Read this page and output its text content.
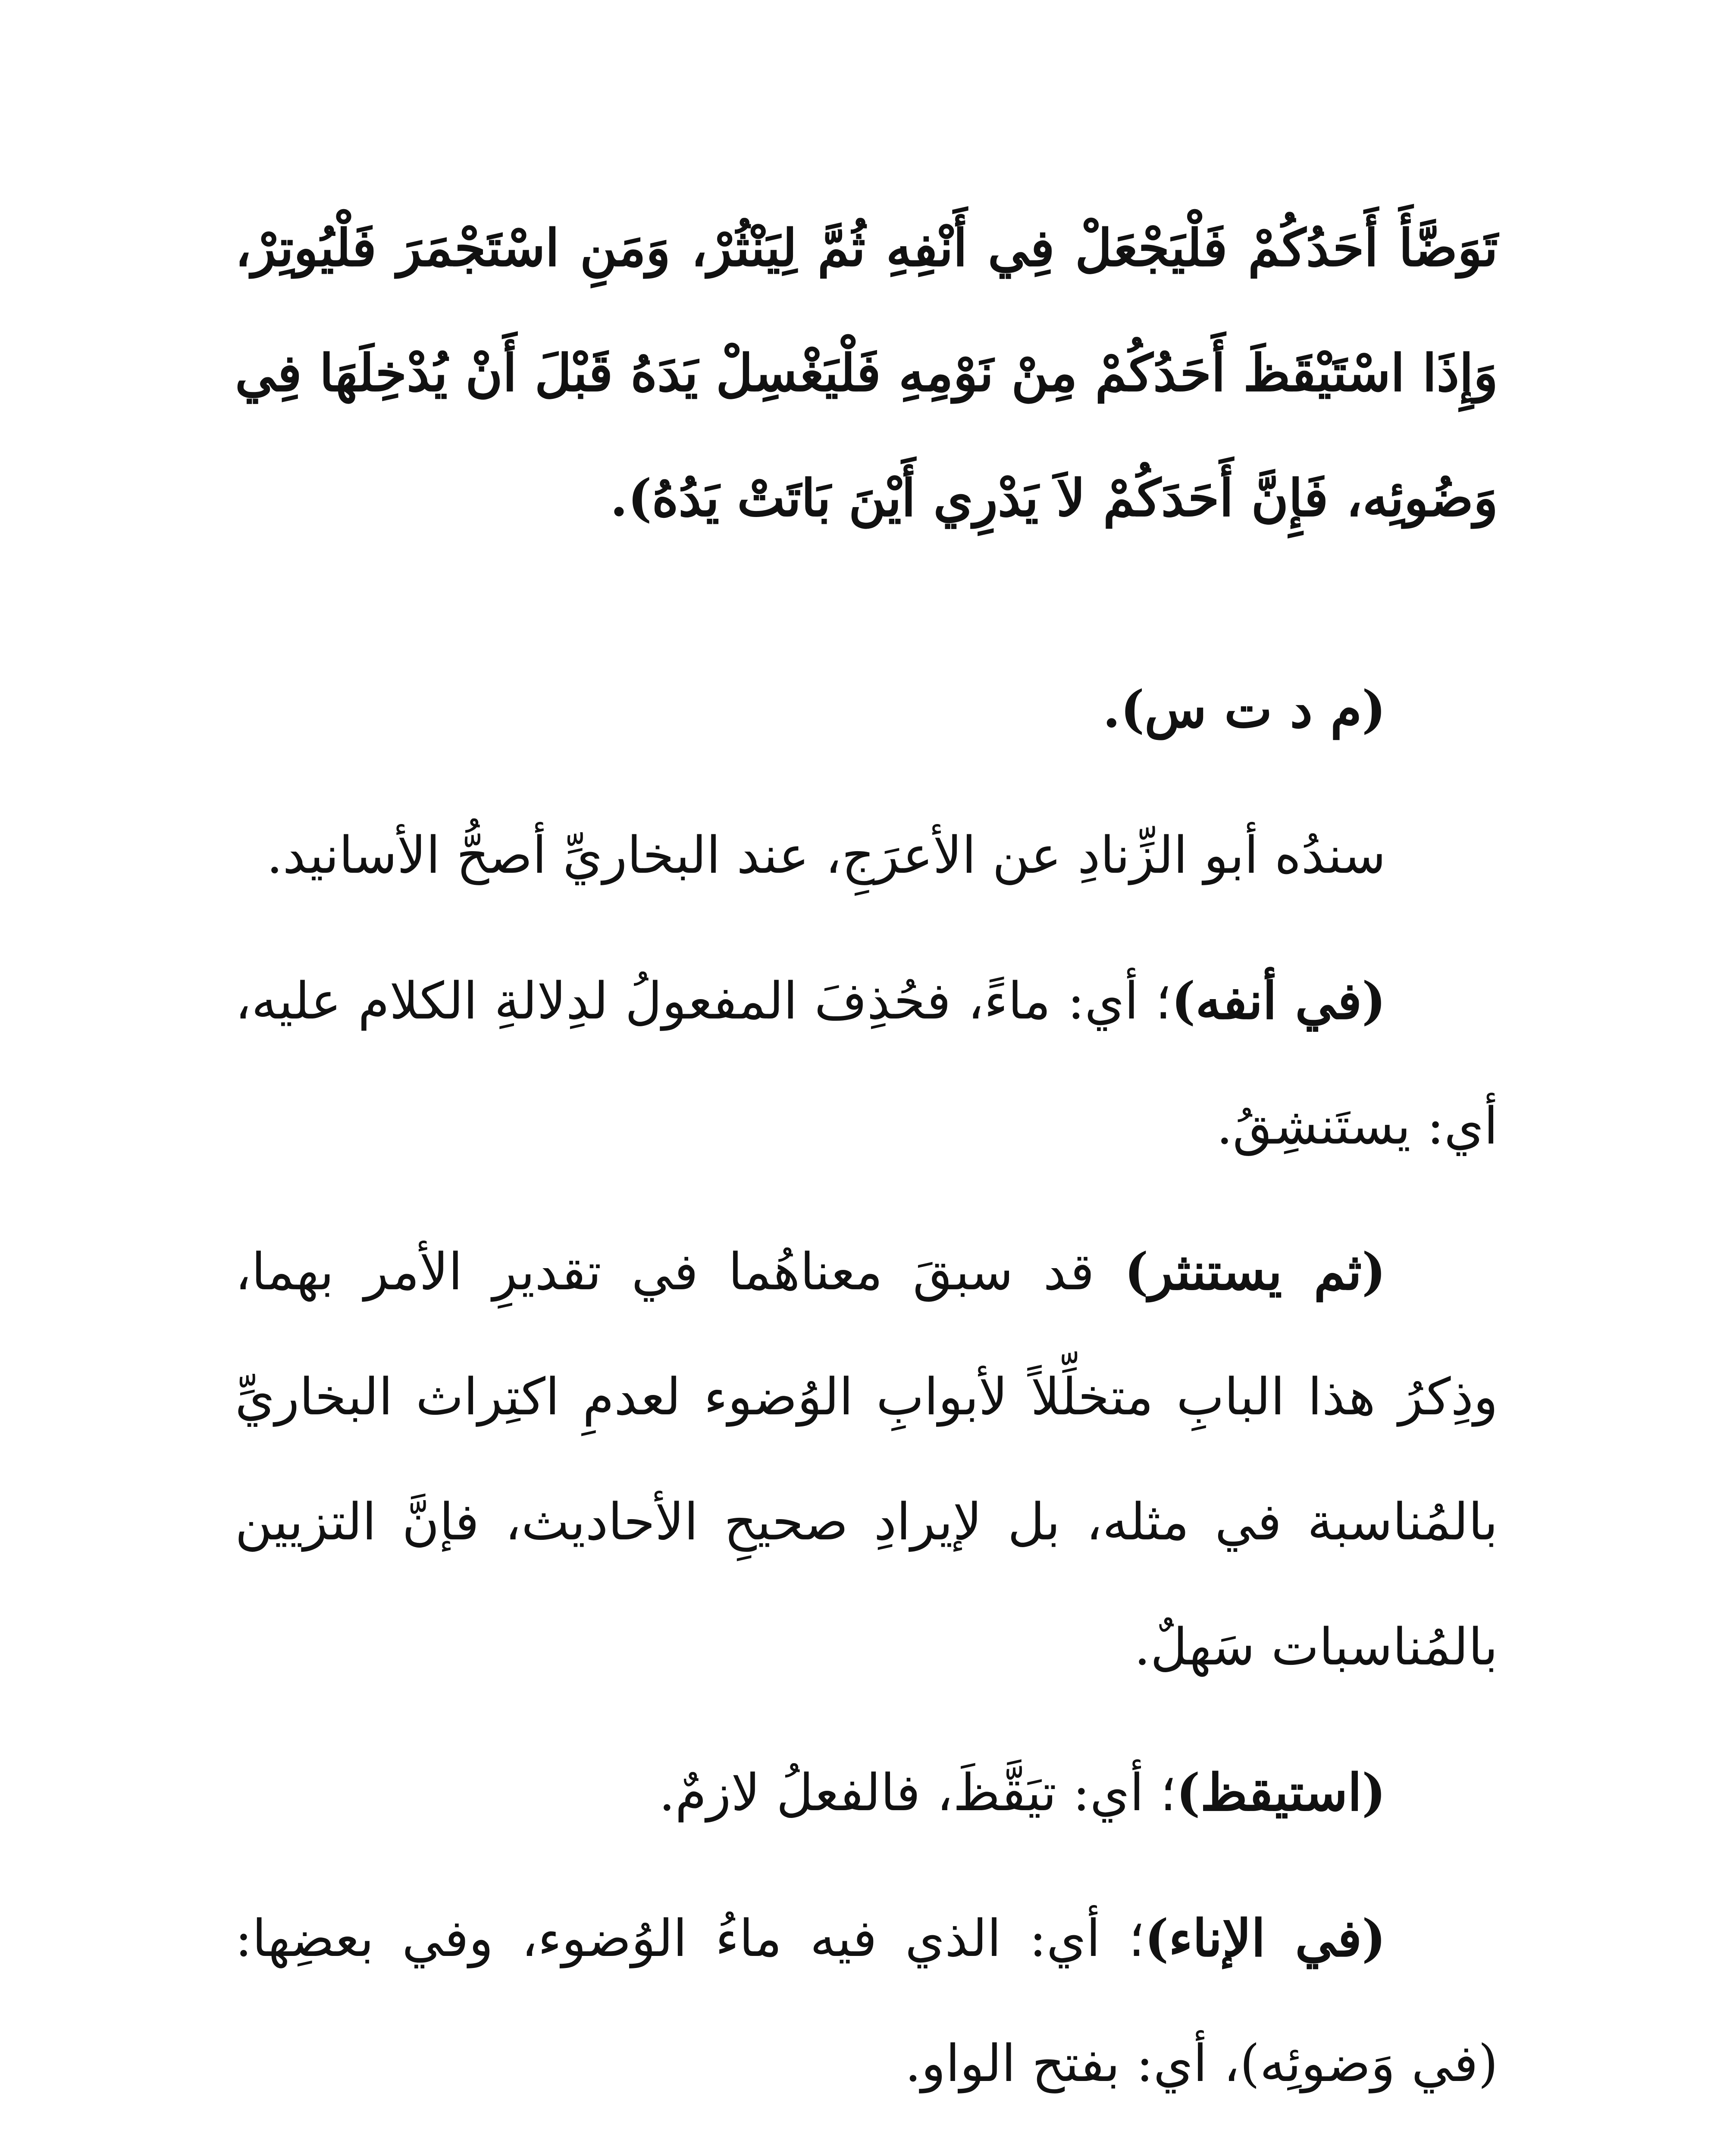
تَوَضَّأَ أَحَدُكُمْ فَلْيَجْعَلْ فِي أَنْفِهِ ثُمَّ لِيَنْثُرْ، وَمَنِ اسْتَجْمَرَ فَلْيُوتِرْ، وَإِذَا اسْتَيْقَظَ أَحَدُكُمْ مِنْ نَوْمِهِ فَلْيَغْسِلْ يَدَهُ قَبْلَ أَنْ يُدْخِلَهَا فِي وَضُوئِه، فَإِنَّ أَحَدَكُمْ لاَ يَدْرِي أَيْنَ بَاتَتْ يَدُهُ).

(م د ت س).

سندُه أبو الزِّنادِ عن الأعرَجِ، عند البخاريِّ أصحُّ الأسانيد.

(في أنفه)؛ أي: ماءً، فحُذِفَ المفعولُ لدِلالةِ الكلام عليه، أي: يستَنشِقُ.

(ثم يستنثر) قد سبقَ معناهُما في تقديرِ الأمر بهما، وذِكرُ هذا البابِ متخلِّلاً لأبوابِ الوُضوء لعدمِ اكتِراث البخاريِّ بالمُناسبة في مثله، بل لإيرادِ صحيحِ الأحاديث، فإنَّ التزيين بالمُناسبات سَهلٌ.

(استيقظ)؛ أي: تيَقَّظَ، فالفعلُ لازمٌ.

(في الإناء)؛ أي: الذي فيه ماءُ الوُضوء، وفي بعضِها: (في وَضوئِه)، أي: بفتح الواو.
